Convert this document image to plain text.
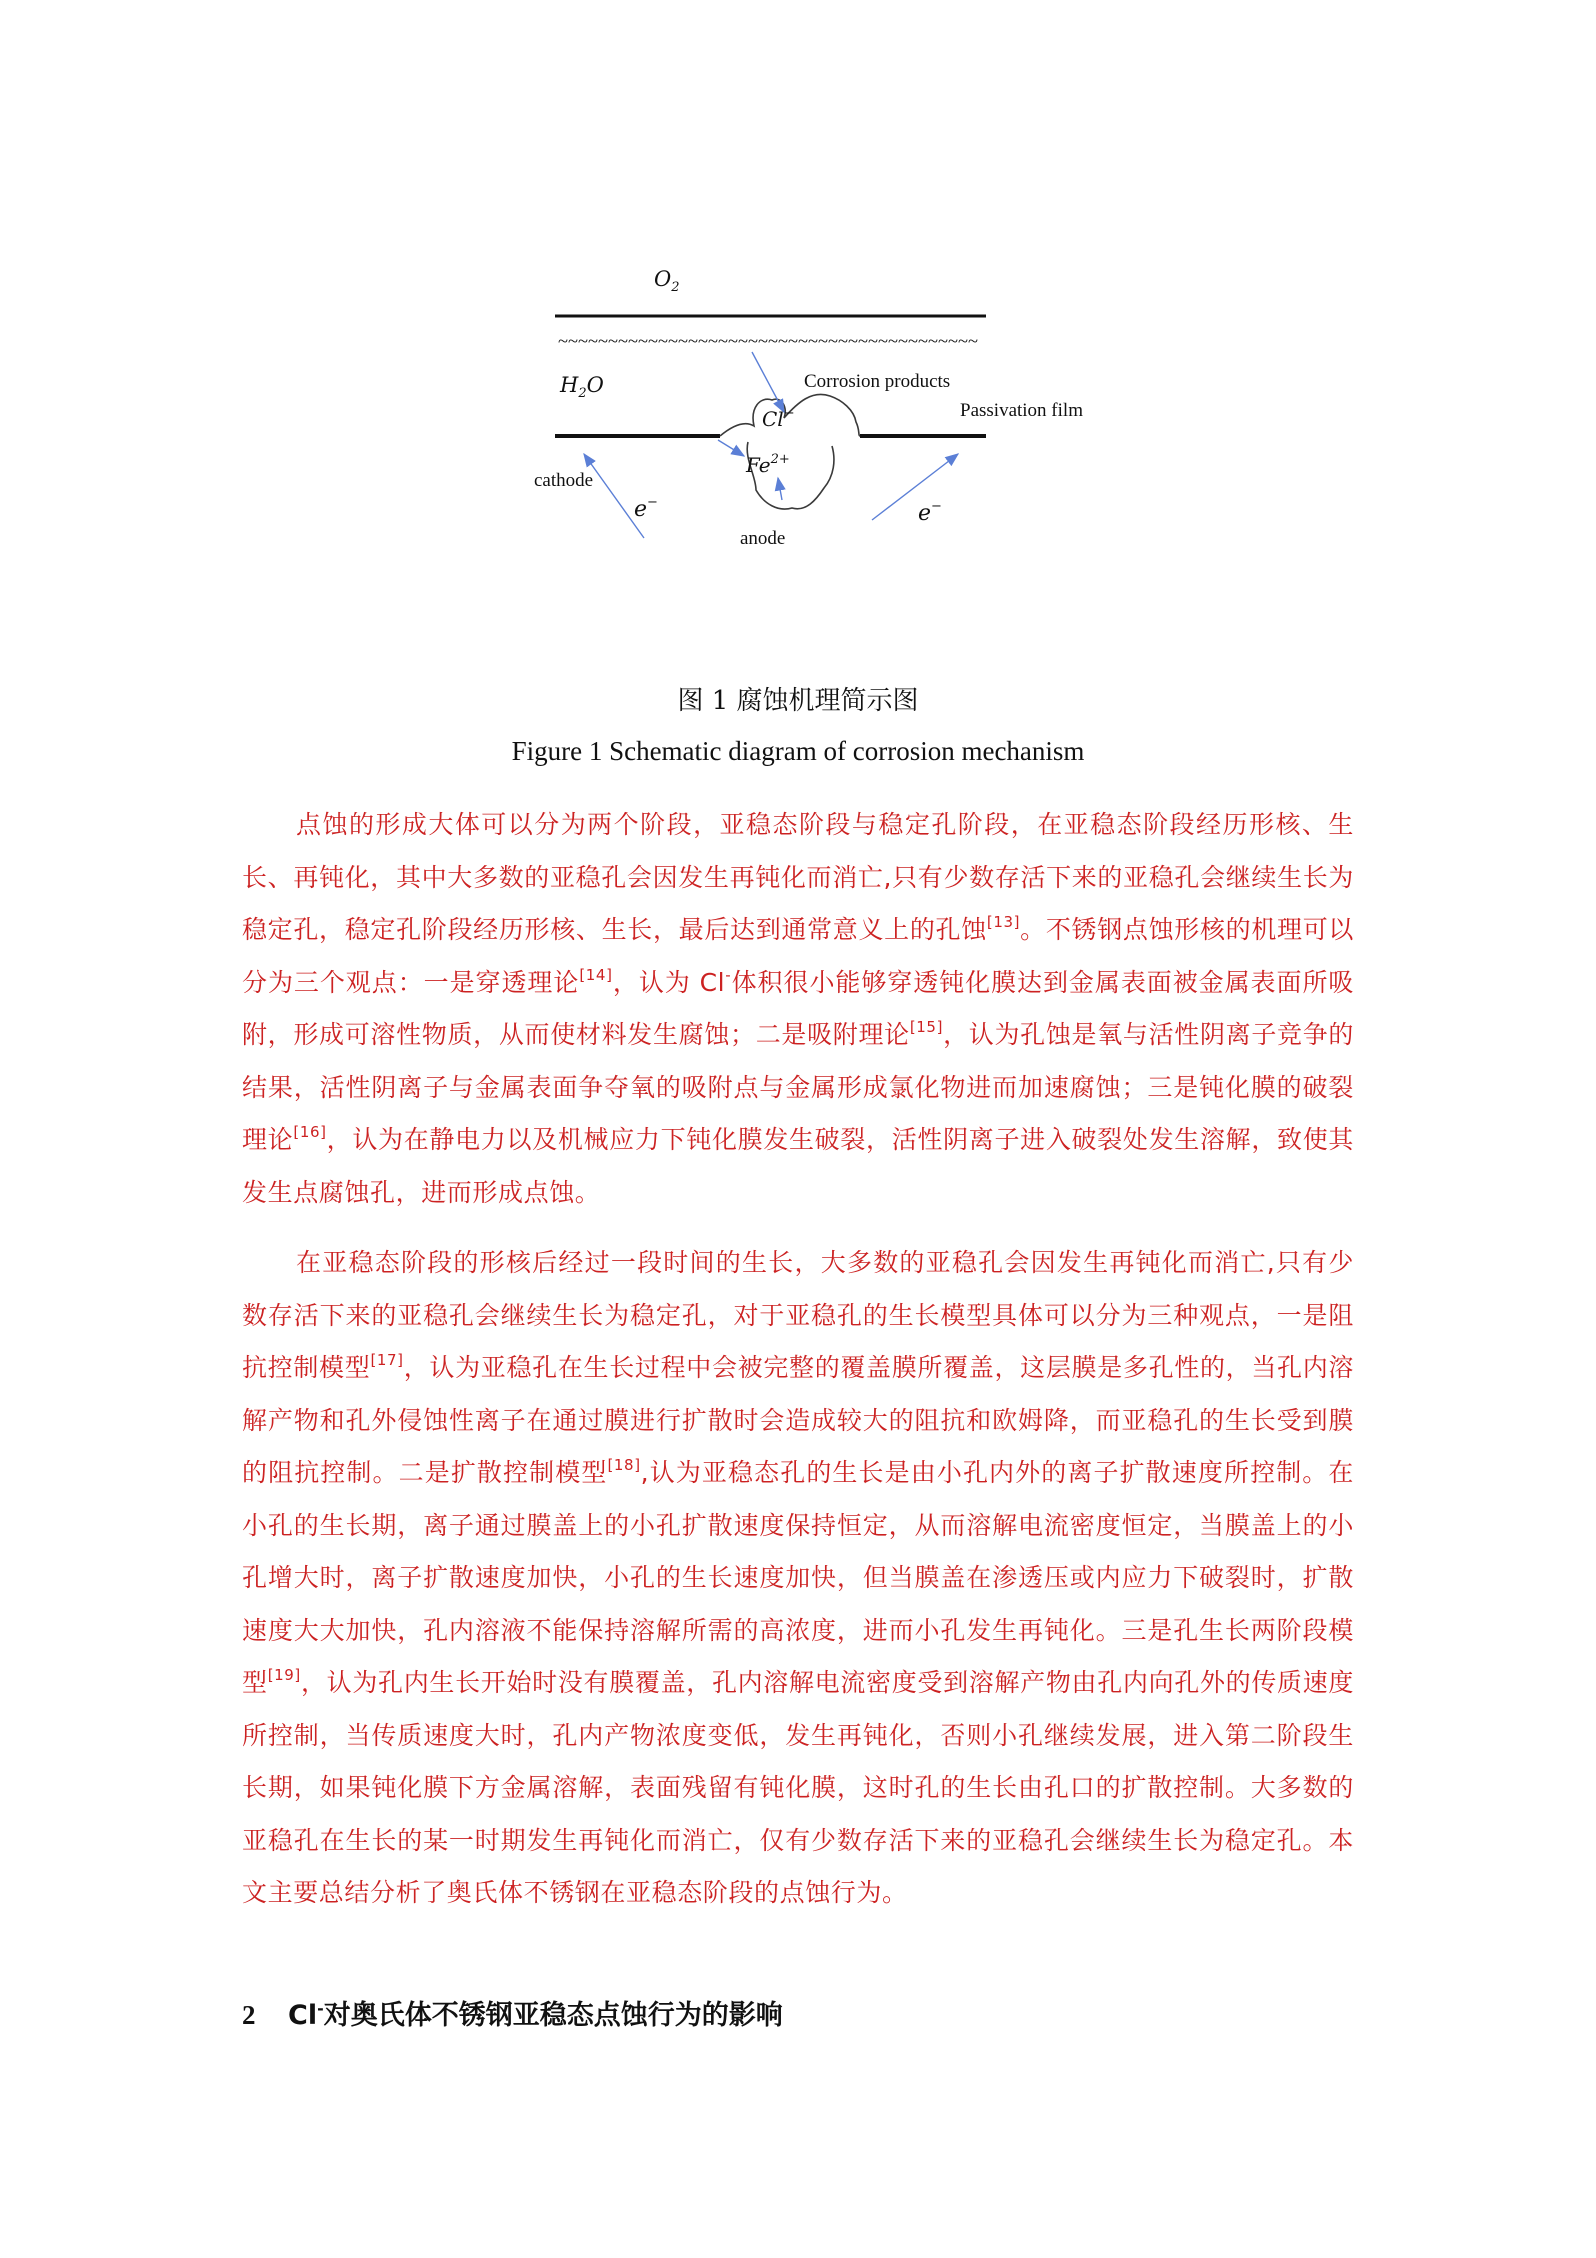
$O_2$
~~~~~~~~~~~~~~~~~~~~~~~~~~~~~~~~~~~~~~~~~~
$H_2O$	Corrosion products
Passivation film
Cl−
$Fe^{2+}$
cathode
e−	e−
anode
图 1 腐蚀机理简示图
Figure 1 Schematic diagram of corrosion mechanism

点蚀的形成大体可以分为两个阶段，亚稳态阶段与稳定孔阶段，在亚稳态阶段经历形核、生长、再钝化，其中大多数的亚稳孔会因发生再钝化而消亡,只有少数存活下来的亚稳孔会继续生长为稳定孔，稳定孔阶段经历形核、生长，最后达到通常意义上的孔蚀[13]。不锈钢点蚀形核的机理可以分为三个观点：一是穿透理论[14]，认为 Cl-体积很小能够穿透钝化膜达到金属表面被金属表面所吸附，形成可溶性物质，从而使材料发生腐蚀；二是吸附理论[15]，认为孔蚀是氧与活性阴离子竞争的结果，活性阴离子与金属表面争夺氧的吸附点与金属形成氯化物进而加速腐蚀；三是钝化膜的破裂理论[16]，认为在静电力以及机械应力下钝化膜发生破裂，活性阴离子进入破裂处发生溶解，致使其发生点腐蚀孔，进而形成点蚀。

在亚稳态阶段的形核后经过一段时间的生长，大多数的亚稳孔会因发生再钝化而消亡,只有少数存活下来的亚稳孔会继续生长为稳定孔，对于亚稳孔的生长模型具体可以分为三种观点，一是阻抗控制模型[17]，认为亚稳孔在生长过程中会被完整的覆盖膜所覆盖，这层膜是多孔性的，当孔内溶解产物和孔外侵蚀性离子在通过膜进行扩散时会造成较大的阻抗和欧姆降，而亚稳孔的生长受到膜的阻抗控制。二是扩散控制模型[18],认为亚稳态孔的生长是由小孔内外的离子扩散速度所控制。在小孔的生长期，离子通过膜盖上的小孔扩散速度保持恒定，从而溶解电流密度恒定，当膜盖上的小孔增大时，离子扩散速度加快，小孔的生长速度加快，但当膜盖在渗透压或内应力下破裂时，扩散速度大大加快，孔内溶液不能保持溶解所需的高浓度，进而小孔发生再钝化。三是孔生长两阶段模型[19]，认为孔内生长开始时没有膜覆盖，孔内溶解电流密度受到溶解产物由孔内向孔外的传质速度所控制，当传质速度大时，孔内产物浓度变低，发生再钝化，否则小孔继续发展，进入第二阶段生长期，如果钝化膜下方金属溶解，表面残留有钝化膜，这时孔的生长由孔口的扩散控制。大多数的亚稳孔在生长的某一时期发生再钝化而消亡，仅有少数存活下来的亚稳孔会继续生长为稳定孔。本文主要总结分析了奥氏体不锈钢在亚稳态阶段的点蚀行为。

2 Cl-对奥氏体不锈钢亚稳态点蚀行为的影响
